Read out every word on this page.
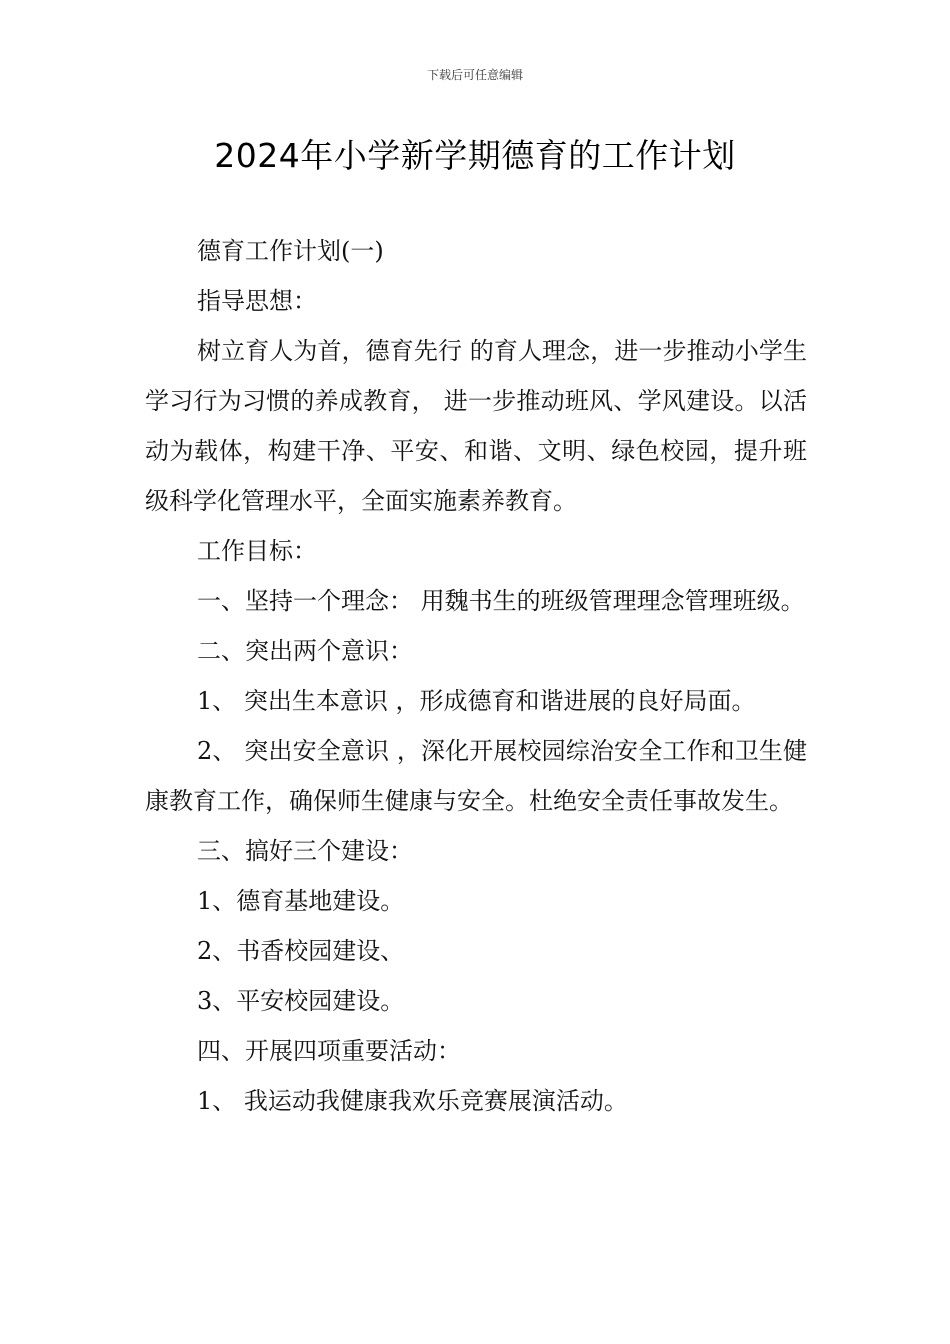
下载后可任意编辑
2024年小学新学期德育的工作计划

德育工作计划(一)

指导思想：

树立育人为首，德育先行 的育人理念，进一步推动小学生学习行为习惯的养成教育， 进一步推动班风、学风建设。以活动为载体，构建干净、平安、和谐、文明、绿色校园，提升班级科学化管理水平，全面实施素养教育。

工作目标：

一、坚持一个理念： 用魏书生的班级管理理念管理班级。

二、突出两个意识：

1、 突出生本意识 ，形成德育和谐进展的良好局面。

2、 突出安全意识 ，深化开展校园综治安全工作和卫生健康教育工作，确保师生健康与安全。杜绝安全责任事故发生。

三、搞好三个建设：

1、德育基地建设。

2、书香校园建设、

3、平安校园建设。

四、开展四项重要活动：

1、 我运动我健康我欢乐竞赛展演活动。
